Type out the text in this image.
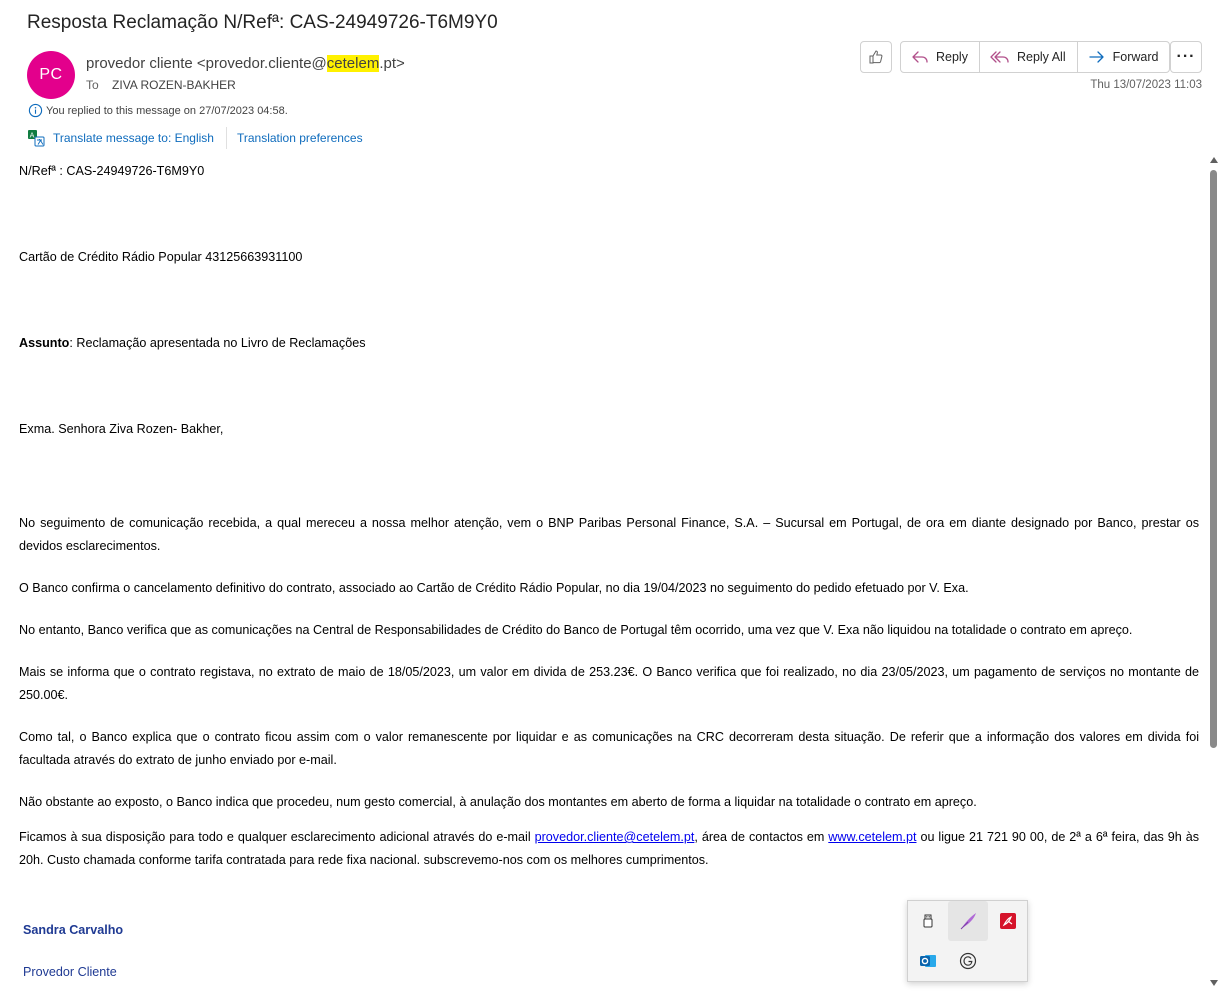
Resposta Reclamação N/Refª: CAS-24949726-T6M9Y0
PC
provedor cliente <provedor.cliente@cetelem.pt>
To ZIVA ROZEN-BAKHER
You replied to this message on 27/07/2023 04:58.
A Translate message to: English Translation preferences
Reply	Reply All	Forward	···
Thu 13/07/2023 11:03

N/Refª : CAS-24949726-T6M9Y0

Cartão de Crédito Rádio Popular 43125663931100

Assunto: Reclamação apresentada no Livro de Reclamações

Exma. Senhora Ziva Rozen- Bakher,

No seguimento de comunicação recebida, a qual mereceu a nossa melhor atenção, vem o BNP Paribas Personal Finance, S.A. – Sucursal em Portugal, de ora em diante designado por Banco, prestar os devidos esclarecimentos.

O Banco confirma o cancelamento definitivo do contrato, associado ao Cartão de Crédito Rádio Popular, no dia 19/04/2023 no seguimento do pedido efetuado por V. Exa.

No entanto, Banco verifica que as comunicações na Central de Responsabilidades de Crédito do Banco de Portugal têm ocorrido, uma vez que V. Exa não liquidou na totalidade o contrato em apreço.

Mais se informa que o contrato registava, no extrato de maio de 18/05/2023, um valor em divida de 253.23€. O Banco verifica que foi realizado, no dia 23/05/2023, um pagamento de serviços no montante de 250.00€.

Como tal, o Banco explica que o contrato ficou assim com o valor remanescente por liquidar e as comunicações na CRC decorreram desta situação. De referir que a informação dos valores em divida foi facultada através do extrato de junho enviado por e-mail.

Não obstante ao exposto, o Banco indica que procedeu, num gesto comercial, à anulação dos montantes em aberto de forma a liquidar na totalidade o contrato em apreço.

Ficamos à sua disposição para todo e qualquer esclarecimento adicional através do e-mail provedor.cliente@cetelem.pt, área de contactos em www.cetelem.pt ou ligue 21 721 90 00, de 2ª a 6ª feira, das 9h às 20h. Custo chamada conforme tarifa contratada para rede fixa nacional. subscrevemo-nos com os melhores cumprimentos.

Sandra Carvalho

Provedor Cliente
